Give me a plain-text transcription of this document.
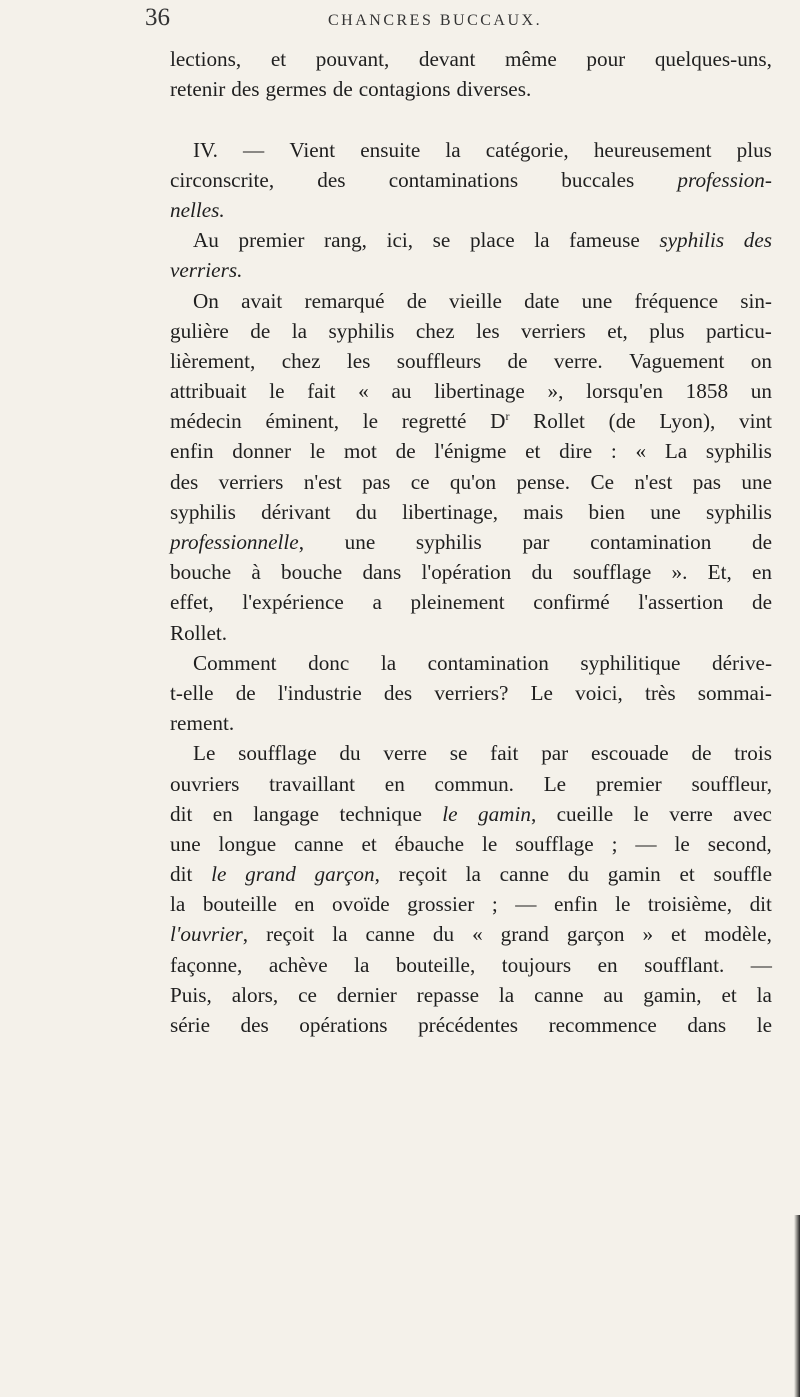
36	CHANCRES BUCCAUX.
lections, et pouvant, devant même pour quelques-uns,
retenir des germes de contagions diverses.
IV. — Vient ensuite la catégorie, heureusement plus
circonscrite, des contaminations buccales profession-
nelles.
Au premier rang, ici, se place la fameuse syphilis des
verriers.
On avait remarqué de vieille date une fréquence sin-
gulière de la syphilis chez les verriers et, plus particu-
lièrement, chez les souffleurs de verre. Vaguement on
attribuait le fait « au libertinage », lorsqu'en 1858 un
médecin éminent, le regretté $D^r$ Rollet (de Lyon), vint
enfin donner le mot de l'énigme et dire : « La syphilis
des verriers n'est pas ce qu'on pense. Ce n'est pas une
syphilis dérivant du libertinage, mais bien une syphilis
professionnelle, une syphilis par contamination de
bouche à bouche dans l'opération du soufflage ». Et, en
effet, l'expérience a pleinement confirmé l'assertion de
Rollet.
Comment donc la contamination syphilitique dérive-
t-elle de l'industrie des verriers? Le voici, très sommai-
rement.
Le soufflage du verre se fait par escouade de trois
ouvriers travaillant en commun. Le premier souffleur,
dit en langage technique le gamin, cueille le verre avec
une longue canne et ébauche le soufflage ; — le second,
dit le grand garçon, reçoit la canne du gamin et souffle
la bouteille en ovoïde grossier ; — enfin le troisième, dit
l'ouvrier, reçoit la canne du « grand garçon » et modèle,
façonne, achève la bouteille, toujours en soufflant. —
Puis, alors, ce dernier repasse la canne au gamin, et la
série des opérations précédentes recommence dans le
